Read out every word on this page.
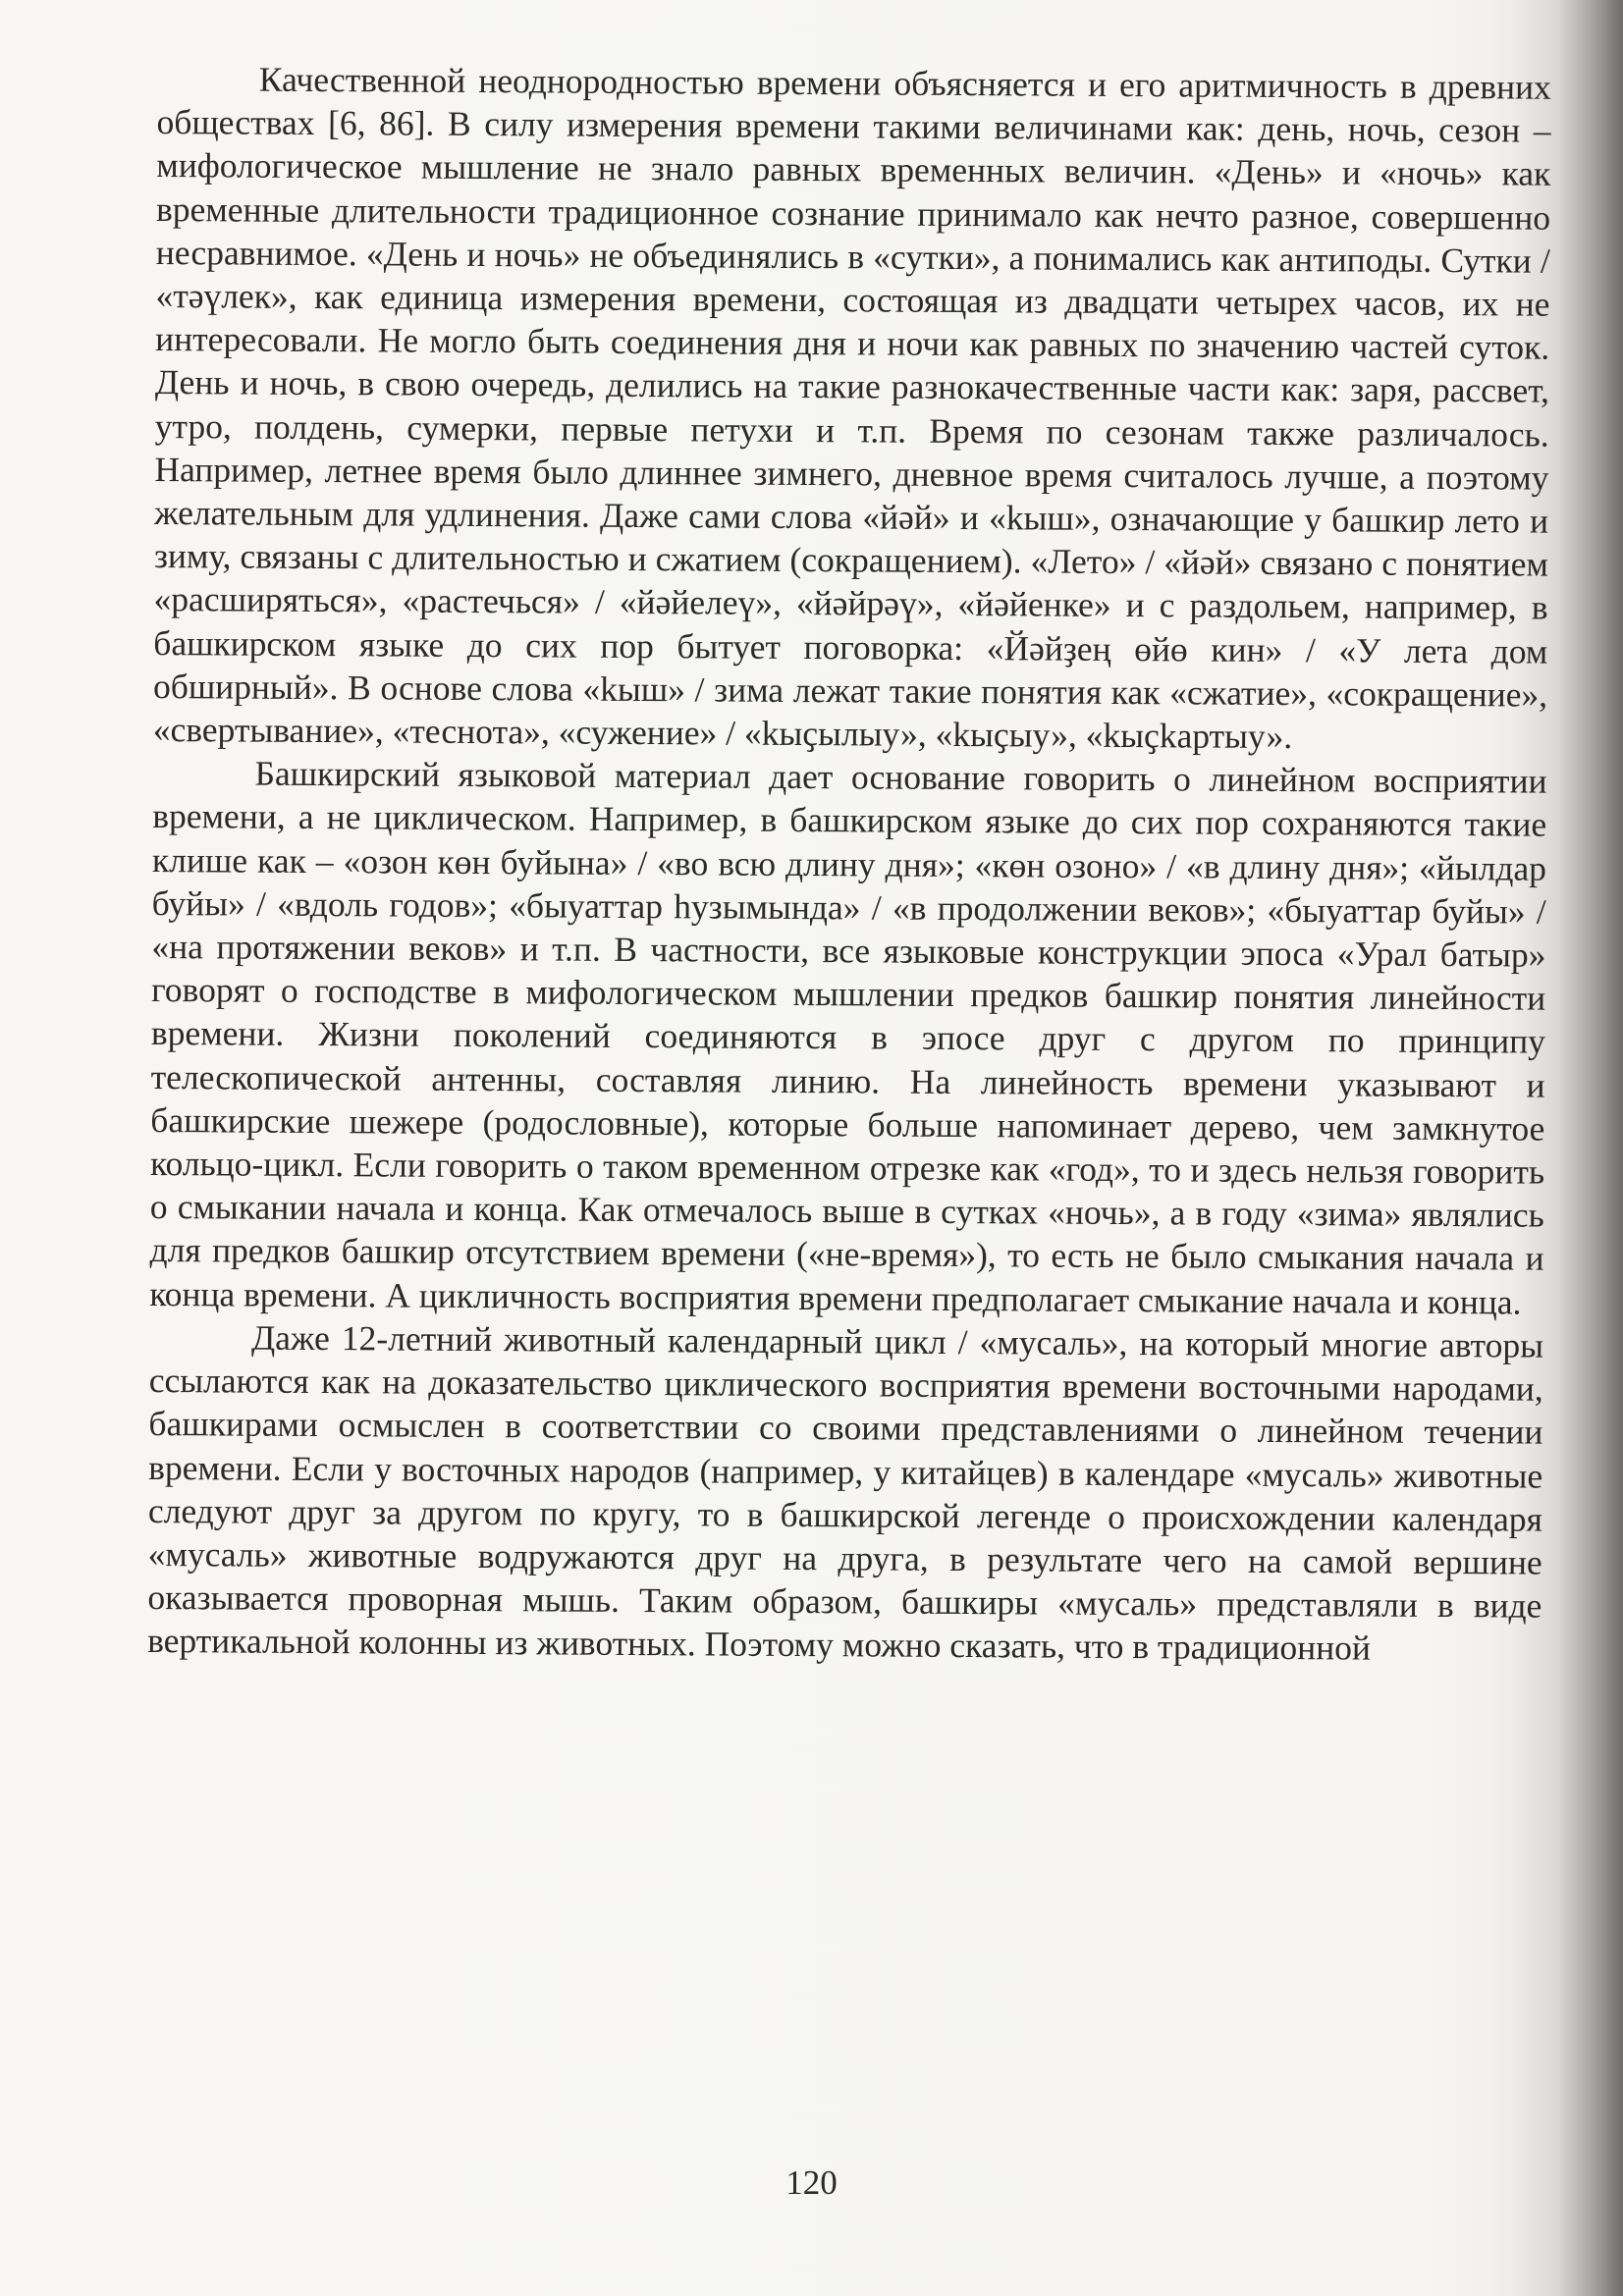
Качественной неоднородностью времени объясняется и его аритмичность в древних обществах [6, 86]. В силу измерения времени такими величинами как: день, ночь, сезон – мифологическое мышление не знало равных временных величин. «День» и «ночь» как временные длительности традиционное сознание принимало как нечто разное, совершенно несравнимое. «День и ночь» не объединялись в «сутки», а понимались как антиподы. Сутки / «тәүлек», как единица измерения времени, состоящая из двадцати четырех часов, их не интересовали. Не могло быть соединения дня и ночи как равных по значению частей суток. День и ночь, в свою очередь, делились на такие разнокачественные части как: заря, рассвет, утро, полдень, сумерки, первые петухи и т.п. Время по сезонам также различалось. Например, летнее время было длиннее зимнего, дневное время считалось лучше, а поэтому желательным для удлинения. Даже сами слова «йәй» и «kыш», означающие у башкир лето и зиму, связаны с длительностью и сжатием (сокращением). «Лето» / «йәй» связано с понятием «расширяться», «растечься» / «йәйелеү», «йәйрәү», «йәйенке» и с раздольем, например, в башкирском языке до сих пор бытует поговорка: «Йәйҙең өйө кин» / «У лета дом обширный». В основе слова «kыш» / зима лежат такие понятия как «сжатие», «сокращение», «свертывание», «теснота», «сужение» / «kыҫылыу», «kыҫыу», «kыҫkартыу».

Башкирский языковой материал дает основание говорить о линейном восприятии времени, а не циклическом. Например, в башкирском языке до сих пор сохраняются такие клише как – «озон көн буйына» / «во всю длину дня»; «көн озоно» / «в длину дня»; «йылдар буйы» / «вдоль годов»; «быуаттар һузымында» / «в продолжении веков»; «быуаттар буйы» / «на протяжении веков» и т.п. В частности, все языковые конструкции эпоса «Урал батыр» говорят о господстве в мифологическом мышлении предков башкир понятия линейности времени. Жизни поколений соединяются в эпосе друг с другом по принципу телескопической антенны, составляя линию. На линейность времени указывают и башкирские шежере (родословные), которые больше напоминает дерево, чем замкнутое кольцо-цикл. Если говорить о таком временном отрезке как «год», то и здесь нельзя говорить о смыкании начала и конца. Как отмечалось выше в сутках «ночь», а в году «зима» являлись для предков башкир отсутствием времени («не-время»), то есть не было смыкания начала и конца времени. А цикличность восприятия времени предполагает смыкание начала и конца.

Даже 12-летний животный календарный цикл / «мусаль», на который многие авторы ссылаются как на доказательство циклического восприятия времени восточными народами, башкирами осмыслен в соответствии со своими представлениями о линейном течении времени. Если у восточных народов (например, у китайцев) в календаре «мусаль» животные следуют друг за другом по кругу, то в башкирской легенде о происхождении календаря «мусаль» животные водружаются друг на друга, в результате чего на самой вершине оказывается проворная мышь. Таким образом, башкиры «мусаль» представляли в виде вертикальной колонны из животных. Поэтому можно сказать, что в традиционной

120
